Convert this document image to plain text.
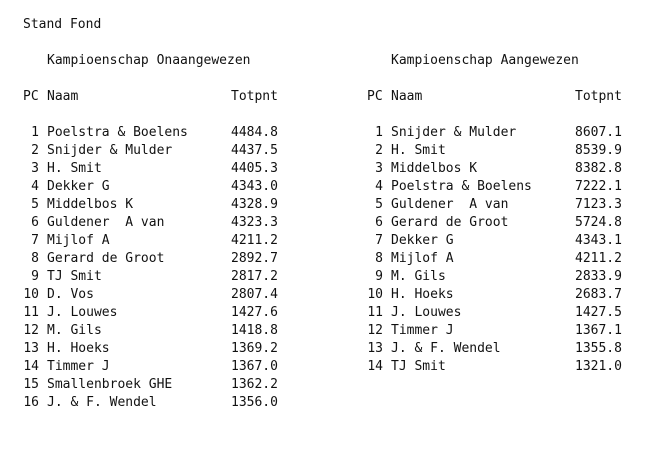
Stand Fond
Kampioenschap Onaangewezen	Kampioenschap Aangewezen
PC Naam	Totpnt	PC Naam	Totpnt
1 Poelstra & Boelens	4484.8
2 Snijder & Mulder	4437.5
3 H. Smit	4405.3
4 Dekker G	4343.0
5 Middelbos K	4328.9
6 Guldener  A van	4323.3
7 Mijlof A	4211.2
8 Gerard de Groot	2892.7
9 TJ Smit	2817.2
10 D. Vos	2807.4
11 J. Louwes	1427.6
12 M. Gils	1418.8
13 H. Hoeks	1369.2
14 Timmer J	1367.0
15 Smallenbroek GHE	1362.2
16 J. & F. Wendel	1356.0
1 Snijder & Mulder	8607.1
2 H. Smit	8539.9
3 Middelbos K	8382.8
4 Poelstra & Boelens	7222.1
5 Guldener  A van	7123.3
6 Gerard de Groot	5724.8
7 Dekker G	4343.1
8 Mijlof A	4211.2
9 M. Gils	2833.9
10 H. Hoeks	2683.7
11 J. Louwes	1427.5
12 Timmer J	1367.1
13 J. & F. Wendel	1355.8
14 TJ Smit	1321.0
